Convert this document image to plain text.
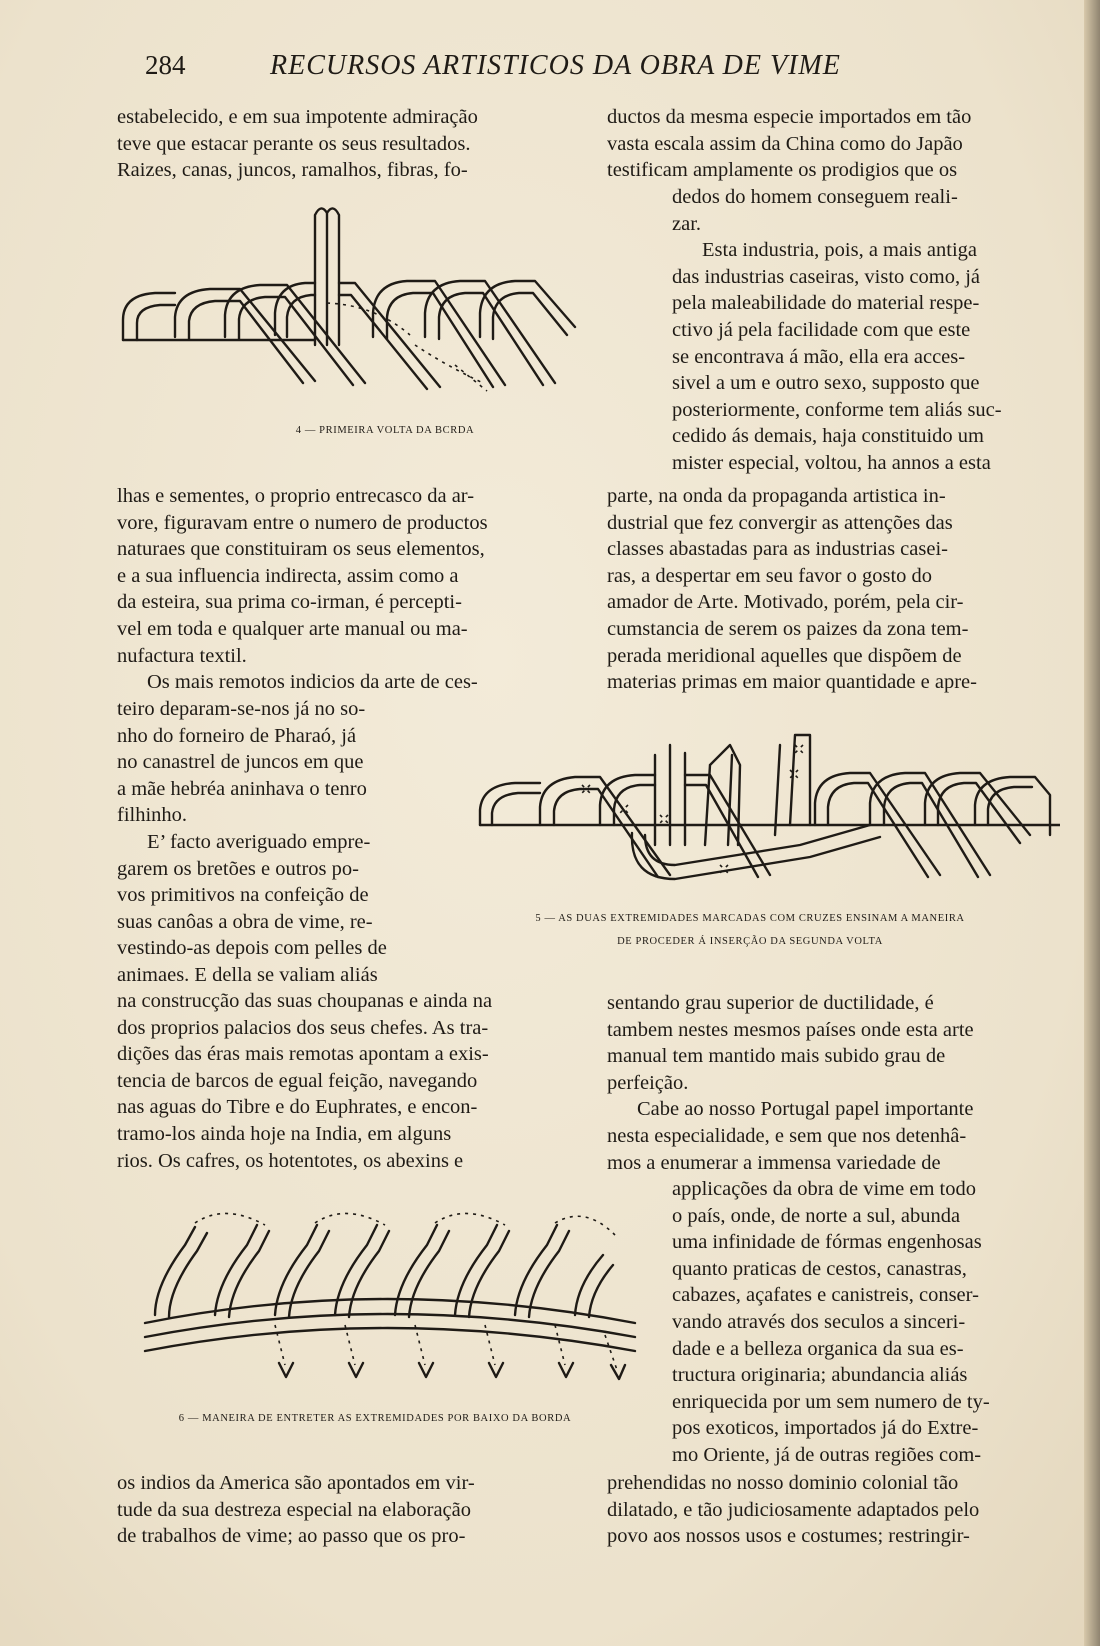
284	RECURSOS ARTISTICOS DA OBRA DE VIME

estabelecido, e em sua impotente admiração

teve que estacar perante os seus resultados.

Raizes, canas, juncos, ramalhos, fibras, fo-

4 — PRIMEIRA VOLTA DA BCRDA

lhas e sementes, o proprio entrecasco da ar-

vore, figuravam entre o numero de productos

naturaes que constituiram os seus elementos,

e a sua influencia indirecta, assim como a

da esteira, sua prima co-irman, é percepti-

vel em toda e qualquer arte manual ou ma-

nufactura textil.

Os mais remotos indicios da arte de ces-

teiro deparam-se-nos já no so-

nho do forneiro de Pharaó, já

no canastrel de juncos em que

a mãe hebréa aninhava o tenro

filhinho.

E’ facto averiguado empre-

garem os bretões e outros po-

vos primitivos na confeição de

suas canôas a obra de vime, re-

vestindo-as depois com pelles de

animaes. E della se valiam aliás

na construcção das suas choupanas e ainda na

dos proprios palacios dos seus chefes. As tra-

dições das éras mais remotas apontam a exis-

tencia de barcos de egual feição, navegando

nas aguas do Tibre e do Euphrates, e encon-

tramo-los ainda hoje na India, em alguns

rios. Os cafres, os hotentotes, os abexins e

6 — MANEIRA DE ENTRETER AS EXTREMIDADES POR BAIXO DA BORDA

os indios da America são apontados em vir-

tude da sua destreza especial na elaboração

de trabalhos de vime; ao passo que os pro-

ductos da mesma especie importados em tão

vasta escala assim da China como do Japão

testificam amplamente os prodigios que os

dedos do homem conseguem reali-

zar.

Esta industria, pois, a mais antiga

das industrias caseiras, visto como, já

pela maleabilidade do material respe-

ctivo já pela facilidade com que este

se encontrava á mão, ella era acces-

sivel a um e outro sexo, supposto que

posteriormente, conforme tem aliás suc-

cedido ás demais, haja constituido um

mister especial, voltou, ha annos a esta

parte, na onda da propaganda artistica in-

dustrial que fez convergir as attenções das

classes abastadas para as industrias casei-

ras, a despertar em seu favor o gosto do

amador de Arte. Motivado, porém, pela cir-

cumstancia de serem os paizes da zona tem-

perada meridional aquelles que dispõem de

materias primas em maior quantidade e apre-

5 — AS DUAS EXTREMIDADES MARCADAS COM CRUZES ENSINAM A MANEIRA
DE PROCEDER Á INSERÇÃO DA SEGUNDA VOLTA

sentando grau superior de ductilidade, é

tambem nestes mesmos países onde esta arte

manual tem mantido mais subido grau de

perfeição.

Cabe ao nosso Portugal papel importante

nesta especialidade, e sem que nos detenhâ-

mos a enumerar a immensa variedade de

applicações da obra de vime em todo

o país, onde, de norte a sul, abunda

uma infinidade de fórmas engenhosas

quanto praticas de cestos, canastras,

cabazes, açafates e canistreis, conser-

vando através dos seculos a sinceri-

dade e a belleza organica da sua es-

tructura originaria; abundancia aliás

enriquecida por um sem numero de ty-

pos exoticos, importados já do Extre-

mo Oriente, já de outras regiões com-

prehendidas no nosso dominio colonial tão

dilatado, e tão judiciosamente adaptados pelo

povo aos nossos usos e costumes; restringir-
